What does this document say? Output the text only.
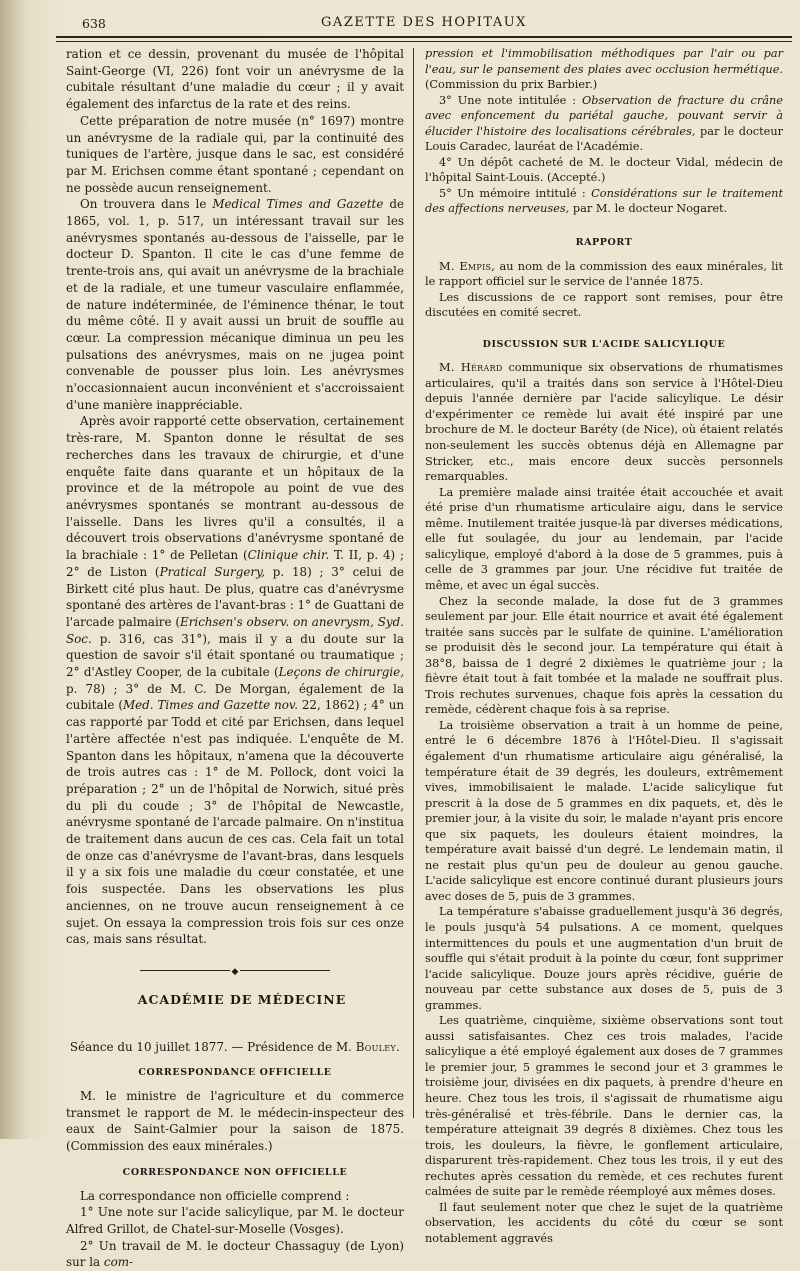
638	GAZETTE DES HOPITAUX

ration et ce dessin, provenant du musée de l'hôpital Saint-George (VI, 226) font voir un anévrysme de la cubitale résultant d'une maladie du cœur ; il y avait également des infarctus de la rate et des reins.

Cette préparation de notre musée (n° 1697) montre un anévrysme de la radiale qui, par la continuité des tuniques de l'artère, jusque dans le sac, est considéré par M. Erichsen comme étant spontané ; cependant on ne possède aucun renseignement.

On trouvera dans le Medical Times and Gazette de 1865, vol. 1, p. 517, un intéressant travail sur les anévrysmes spontanés au-dessous de l'aisselle, par le docteur D. Spanton. Il cite le cas d'une femme de trente-trois ans, qui avait un anévrysme de la brachiale et de la radiale, et une tumeur vasculaire enflammée, de nature indéterminée, de l'éminence thénar, le tout du même côté. Il y avait aussi un bruit de souffle au cœur. La compression mécanique diminua un peu les pulsations des anévrysmes, mais on ne jugea point convenable de pousser plus loin. Les anévrysmes n'occasionnaient aucun inconvénient et s'accroissaient d'une manière inappréciable.

Après avoir rapporté cette observation, certainement très-rare, M. Spanton donne le résultat de ses recherches dans les travaux de chirurgie, et d'une enquête faite dans quarante et un hôpitaux de la province et de la métropole au point de vue des anévrysmes spontanés se montrant au-dessous de l'aisselle. Dans les livres qu'il a consultés, il a découvert trois observations d'anévrysme spontané de la brachiale : 1° de Pelletan (Clinique chir. T. II, p. 4) ; 2° de Liston (Pratical Surgery, p. 18) ; 3° celui de Birkett cité plus haut. De plus, quatre cas d'anévrysme spontané des artères de l'avant-bras : 1° de Guattani de l'arcade palmaire (Erichsen's observ. on anevrysm, Syd. Soc. p. 316, cas 31°), mais il y a du doute sur la question de savoir s'il était spontané ou traumatique ; 2° d'Astley Cooper, de la cubitale (Leçons de chirurgie, p. 78) ; 3° de M. C. De Morgan, également de la cubitale (Med. Times and Gazette nov. 22, 1862) ; 4° un cas rapporté par Todd et cité par Erichsen, dans lequel l'artère affectée n'est pas indiquée. L'enquête de M. Spanton dans les hôpitaux, n'amena que la découverte de trois autres cas : 1° de M. Pollock, dont voici la préparation ; 2° un de l'hôpital de Norwich, situé près du pli du coude ; 3° de l'hôpital de Newcastle, anévrysme spontané de l'arcade palmaire. On n'institua de traitement dans aucun de ces cas. Cela fait un total de onze cas d'anévrysme de l'avant-bras, dans lesquels il y a six fois une maladie du cœur constatée, et une fois suspectée. Dans les observations les plus anciennes, on ne trouve aucun renseignement à ce sujet. On essaya la compression trois fois sur ces onze cas, mais sans résultat.

◆

ACADÉMIE DE MÉDECINE

Séance du 10 juillet 1877. — Présidence de M. Bouley.

CORRESPONDANCE OFFICIELLE

M. le ministre de l'agriculture et du commerce transmet le rapport de M. le médecin-inspecteur des eaux de Saint-Galmier pour la saison de 1875. (Commission des eaux minérales.)

CORRESPONDANCE NON OFFICIELLE

La correspondance non officielle comprend :

1° Une note sur l'acide salicylique, par M. le docteur Alfred Grillot, de Chatel-sur-Moselle (Vosges).

2° Un travail de M. le docteur Chassaguy (de Lyon) sur la com-

pression et l'immobilisation méthodiques par l'air ou par l'eau, sur le pansement des plaies avec occlusion hermétique. (Commission du prix Barbier.)

3° Une note intitulée : Observation de fracture du crâne avec enfoncement du pariétal gauche, pouvant servir à élucider l'histoire des localisations cérébrales, par le docteur Louis Caradec, lauréat de l'Académie.

4° Un dépôt cacheté de M. le docteur Vidal, médecin de l'hôpital Saint-Louis. (Accepté.)

5° Un mémoire intitulé : Considérations sur le traitement des affections nerveuses, par M. le docteur Nogaret.

RAPPORT

M. Empis, au nom de la commission des eaux minérales, lit le rapport officiel sur le service de l'année 1875.

Les discussions de ce rapport sont remises, pour être discutées en comité secret.

DISCUSSION SUR L'ACIDE SALICYLIQUE

M. Hérard communique six observations de rhumatismes articulaires, qu'il a traités dans son service à l'Hôtel-Dieu depuis l'année dernière par l'acide salicylique. Le désir d'expérimenter ce remède lui avait été inspiré par une brochure de M. le docteur Baréty (de Nice), où étaient relatés non-seulement les succès obtenus déjà en Allemagne par Stricker, etc., mais encore deux succès personnels remarquables.

La première malade ainsi traitée était accouchée et avait été prise d'un rhumatisme articulaire aigu, dans le service même. Inutilement traitée jusque-là par diverses médications, elle fut soulagée, du jour au lendemain, par l'acide salicylique, employé d'abord à la dose de 5 grammes, puis à celle de 3 grammes par jour. Une récidive fut traitée de même, et avec un égal succès.

Chez la seconde malade, la dose fut de 3 grammes seulement par jour. Elle était nourrice et avait été également traitée sans succès par le sulfate de quinine. L'amélioration se produisit dès le second jour. La température qui était à 38°8, baissa de 1 degré 2 dixièmes le quatrième jour ; la fièvre était tout à fait tombée et la malade ne souffrait plus. Trois rechutes survenues, chaque fois après la cessation du remède, cédèrent chaque fois à sa reprise.

La troisième observation a trait à un homme de peine, entré le 6 décembre 1876 à l'Hôtel-Dieu. Il s'agissait également d'un rhumatisme articulaire aigu généralisé, la température était de 39 degrés, les douleurs, extrêmement vives, immobilisaient le malade. L'acide salicylique fut prescrit à la dose de 5 grammes en dix paquets, et, dès le premier jour, à la visite du soir, le malade n'ayant pris encore que six paquets, les douleurs étaient moindres, la température avait baissé d'un degré. Le lendemain matin, il ne restait plus qu'un peu de douleur au genou gauche. L'acide salicylique est encore continué durant plusieurs jours avec doses de 5, puis de 3 grammes.

La température s'abaisse graduellement jusqu'à 36 degrés, le pouls jusqu'à 54 pulsations. A ce moment, quelques intermittences du pouls et une augmentation d'un bruit de souffle qui s'était produit à la pointe du cœur, font supprimer l'acide salicylique. Douze jours après récidive, guérie de nouveau par cette substance aux doses de 5, puis de 3 grammes.

Les quatrième, cinquième, sixième observations sont tout aussi satisfaisantes. Chez ces trois malades, l'acide salicylique a été employé également aux doses de 7 grammes le premier jour, 5 grammes le second jour et 3 grammes le troisième jour, divisées en dix paquets, à prendre d'heure en heure. Chez tous les trois, il s'agissait de rhumatisme aigu très-généralisé et très-fébrile. Dans le dernier cas, la température atteignait 39 degrés 8 dixièmes. Chez tous les trois, les douleurs, la fièvre, le gonflement articulaire, disparurent très-rapidement. Chez tous les trois, il y eut des rechutes après cessation du remède, et ces rechutes furent calmées de suite par le remède réemployé aux mêmes doses.

Il faut seulement noter que chez le sujet de la quatrième observation, les accidents du côté du cœur se sont notablement aggravés
